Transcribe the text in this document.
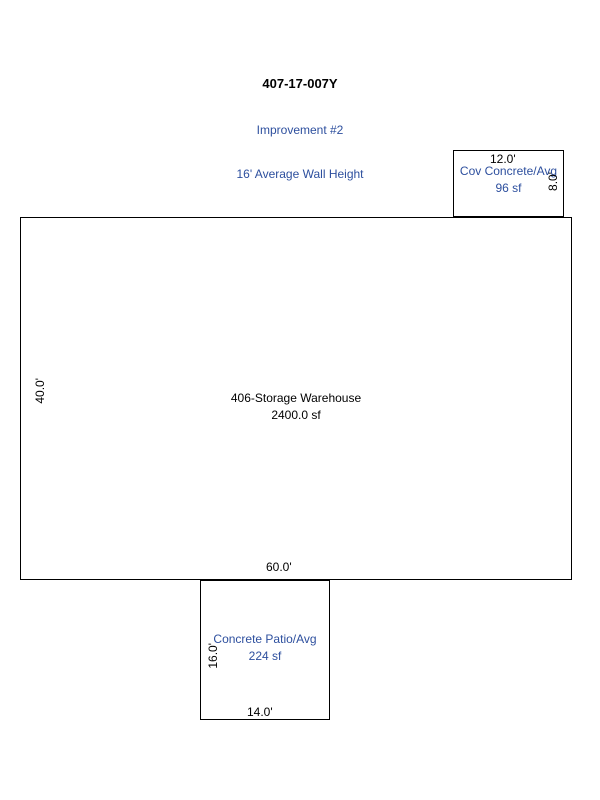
407-17-007Y
Improvement #2
16' Average Wall Height	Cov Concrete/Avg
96 sf
12.0'
8.0'
406-Storage Warehouse
2400.0 sf
60.0'
40.0'
Concrete Patio/Avg
224 sf
14.0'
16.0'
